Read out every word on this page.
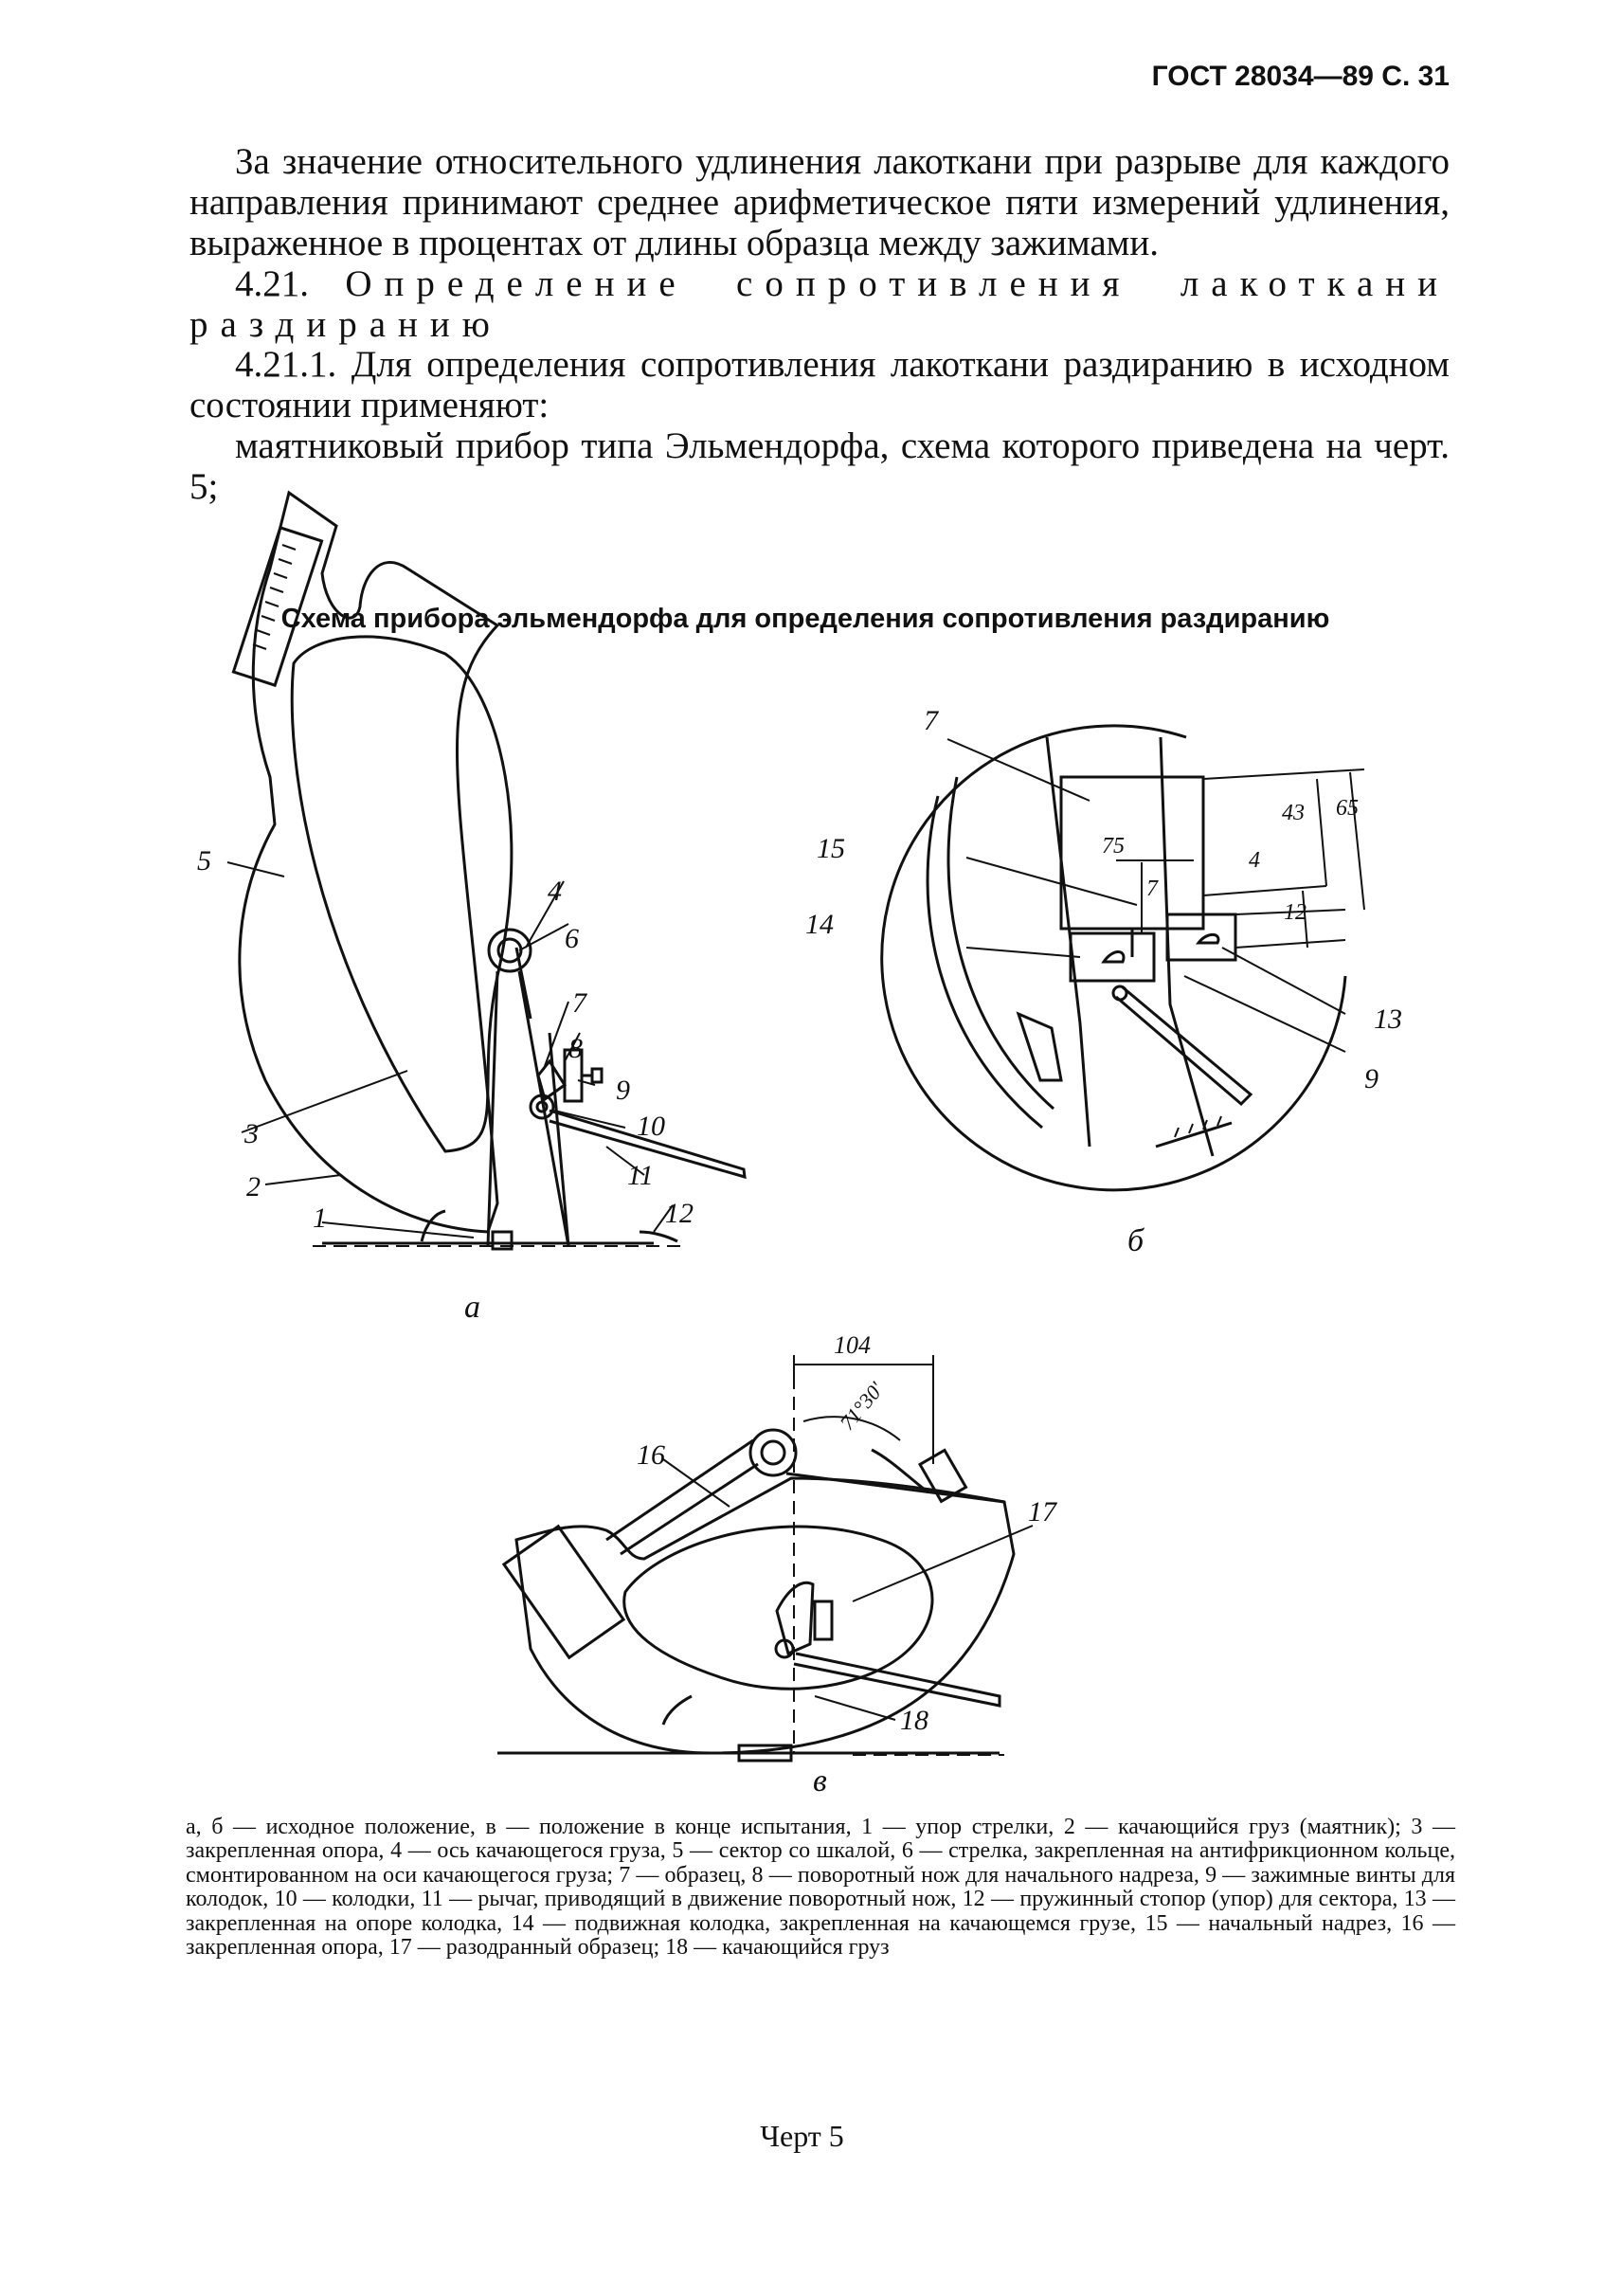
ГОСТ 28034—89 С. 31

За значение относительного удлинения лакоткани при разрыве для каждого направления принимают среднее арифметическое пяти измерений удлинения, выраженное в процентах от длины образца между зажимами.

4.21. Определение сопротивления лакоткани раздиранию

4.21.1. Для определения сопротивления лакоткани раздиранию в исходном состоянии применяют:

маятниковый прибор типа Эльмендорфа, схема которого приведена на черт. 5;

Схема прибора эльмендорфа для определения сопротивления раздиранию
5
4
6
7
8
9
10
11
12
1
2
3
a
7
15
14
13
9
75
7
4
12
43 65
б
104
71°30'
16
17
18
в
а, б — исходное положение, в — положение в конце испытания, 1 — упор стрелки, 2 — качающийся груз (маятник); 3 — закрепленная опора, 4 — ось качающегося груза, 5 — сектор со шкалой, 6 — стрелка, закрепленная на антифрикционном кольце, смонтированном на оси качающегося груза; 7 — образец, 8 — поворотный нож для начального надреза, 9 — зажимные винты для колодок, 10 — колодки, 11 — рычаг, приводящий в движение поворотный нож, 12 — пружинный стопор (упор) для сектора, 13 — закрепленная на опоре колодка, 14 — подвижная колодка, закрепленная на качающемся грузе, 15 — начальный надрез, 16 — закрепленная опора, 17 — разодранный образец; 18 — качающийся груз
Черт 5
